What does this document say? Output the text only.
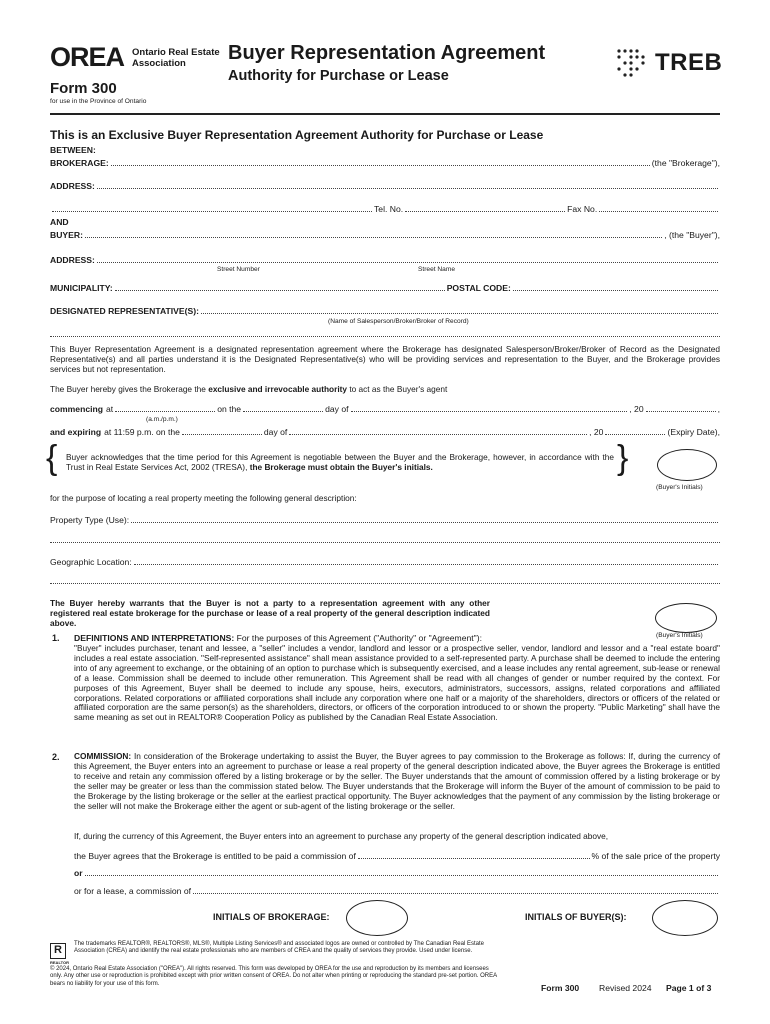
OREA Ontario Real Estate
Association
Form 300
for use in the Province of Ontario
Buyer Representation Agreement
Authority for Purchase or Lease	TREB
This is an Exclusive Buyer Representation Agreement Authority for Purchase or Lease
BETWEEN:
BROKERAGE:	(the "Brokerage"),
ADDRESS:
Tel. No.	Fax No.
AND
BUYER:	, (the "Buyer"),
ADDRESS:
Street Number	Street Name
MUNICIPALITY:	POSTAL CODE:
DESIGNATED REPRESENTATIVE(S):
(Name of Salesperson/Broker/Broker of Record)
This Buyer Representation Agreement is a designated representation agreement where the Brokerage has designated Salesperson/Broker/Broker of Record as the Designated Representative(s) and all parties understand it is the Designated Representative(s) who will be providing services and representation to the Buyer, and the Brokerage provides services but not representation.
The Buyer hereby gives the Brokerage the exclusive and irrevocable authority to act as the Buyer's agent
commencing at	on the	day of	, 20	,
(a.m./p.m.)
and expiring at 11:59 p.m. on the	day of	, 20	(Expiry Date),
{ Buyer acknowledges that the time period for this Agreement is negotiable between the Buyer and the Brokerage, however, in accordance with the Trust in Real Estate Services Act, 2002 (TRESA), the Brokerage must obtain the Buyer's initials.	}
(Buyer's Initials)
for the purpose of locating a real property meeting the following general description:
Property Type (Use):
Geographic Location:
The Buyer hereby warrants that the Buyer is not a party to a representation agreement with any other registered real estate brokerage for the purchase or lease of a real property of the general description indicated above.
(Buyer's Initials)
1. DEFINITIONS AND INTERPRETATIONS: For the purposes of this Agreement ("Authority" or "Agreement"):
"Buyer" includes purchaser, tenant and lessee, a "seller" includes a vendor, landlord and lessor or a prospective seller, vendor, landlord and lessor and a "real estate board" includes a real estate association. "Self-represented assistance" shall mean assistance provided to a self-represented party. A purchase shall be deemed to include the entering into of any agreement to exchange, or the obtaining of an option to purchase which is subsequently exercised, and a lease includes any rental agreement, sub-lease or renewal of a lease. Commission shall be deemed to include other remuneration. This Agreement shall be read with all changes of gender or number required by the context. For purposes of this Agreement, Buyer shall be deemed to include any spouse, heirs, executors, administrators, successors, assigns, related corporations and affiliated corporations. Related corporations or affiliated corporations shall include any corporation where one half or a majority of the shareholders, directors or officers of the related or affiliated corporation are the same person(s) as the shareholders, directors, or officers of the corporation introduced to or shown the property. "Public Marketing" shall have the same meaning as set out in REALTOR® Cooperation Policy as published by the Canadian Real Estate Association.
2. COMMISSION: In consideration of the Brokerage undertaking to assist the Buyer, the Buyer agrees to pay commission to the Brokerage as follows: If, during the currency of this Agreement, the Buyer enters into an agreement to purchase or lease a real property of the general description indicated above, the Buyer agrees the Brokerage is entitled to receive and retain any commission offered by a listing brokerage or by the seller. The Buyer understands that the amount of commission offered by a listing brokerage or by the seller may be greater or less than the commission stated below. The Buyer understands that the Brokerage will inform the Buyer of the amount of commission to be paid to the Brokerage by the listing brokerage or the seller at the earliest practical opportunity. The Buyer acknowledges that the payment of any commission by the listing brokerage or the seller will not make the Brokerage either the agent or sub-agent of the listing brokerage or the seller.
If, during the currency of this Agreement, the Buyer enters into an agreement to purchase any property of the general description indicated above,
the Buyer agrees that the Brokerage is entitled to be paid a commission of	% of the sale price of the property
or
or for a lease, a commission of
INITIALS OF BROKERAGE:	INITIALS OF BUYER(S):
R
REALTOR
The trademarks REALTOR®, REALTORS®, MLS®, Multiple Listing Services® and associated logos are owned or controlled by The Canadian Real Estate Association (CREA) and identify the real estate professionals who are members of CREA and the quality of services they provide. Used under license.
© 2024, Ontario Real Estate Association ("OREA"). All rights reserved. This form was developed by OREA for the use and reproduction by its members and licensees only. Any other use or reproduction is prohibited except with prior written consent of OREA. Do not alter when printing or reproducing the standard pre-set portion. OREA bears no liability for your use of this form.	Form 300 Revised 2024 Page 1 of 3
